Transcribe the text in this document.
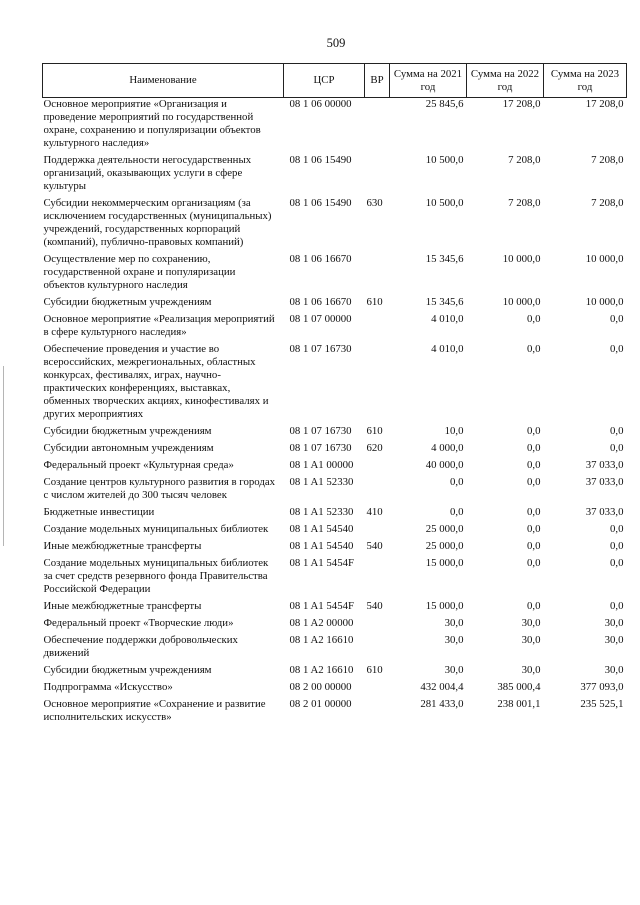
509
Наименование	ЦСР	ВР	Сумма на 2021 год	Сумма на 2022 год	Сумма на 2023 год
Основное мероприятие «Организация и проведение мероприятий по государственной охране, сохранению и популяризации объектов культурного наследия»	08 1 06 00000		25 845,6	17 208,0	17 208,0
Поддержка деятельности негосударственных организаций, оказывающих услуги в сфере культуры	08 1 06 15490		10 500,0	7 208,0	7 208,0
Субсидии некоммерческим организациям (за исключением государственных (муниципальных) учреждений, государственных корпораций (компаний), публично-правовых компаний)	08 1 06 15490	630	10 500,0	7 208,0	7 208,0
Осуществление мер по сохранению, государственной охране и популяризации объектов культурного наследия	08 1 06 16670		15 345,6	10 000,0	10 000,0
Субсидии бюджетным учреждениям	08 1 06 16670	610	15 345,6	10 000,0	10 000,0
Основное мероприятие «Реализация мероприятий в сфере культурного наследия»	08 1 07 00000		4 010,0	0,0	0,0
Обеспечение проведения и участие во всероссийских, межрегиональных, областных конкурсах, фестивалях, играх, научно-практических конференциях, выставках, обменных творческих акциях, кинофестивалях и других мероприятиях	08 1 07 16730		4 010,0	0,0	0,0
Субсидии бюджетным учреждениям	08 1 07 16730	610	10,0	0,0	0,0
Субсидии автономным учреждениям	08 1 07 16730	620	4 000,0	0,0	0,0
Федеральный проект «Культурная среда»	08 1 A1 00000		40 000,0	0,0	37 033,0
Создание центров культурного развития в городах с числом жителей до 300 тысяч человек	08 1 A1 52330		0,0	0,0	37 033,0
Бюджетные инвестиции	08 1 A1 52330	410	0,0	0,0	37 033,0
Создание модельных муниципальных библиотек	08 1 A1 54540		25 000,0	0,0	0,0
Иные межбюджетные трансферты	08 1 A1 54540	540	25 000,0	0,0	0,0
Создание модельных муниципальных библиотек за счет средств резервного фонда Правительства Российской Федерации	08 1 A1 5454F		15 000,0	0,0	0,0
Иные межбюджетные трансферты	08 1 A1 5454F	540	15 000,0	0,0	0,0
Федеральный проект «Творческие люди»	08 1 A2 00000		30,0	30,0	30,0
Обеспечение поддержки добровольческих движений	08 1 A2 16610		30,0	30,0	30,0
Субсидии бюджетным учреждениям	08 1 A2 16610	610	30,0	30,0	30,0
Подпрограмма «Искусство»	08 2 00 00000		432 004,4	385 000,4	377 093,0
Основное мероприятие «Сохранение и развитие исполнительских искусств»	08 2 01 00000		281 433,0	238 001,1	235 525,1
